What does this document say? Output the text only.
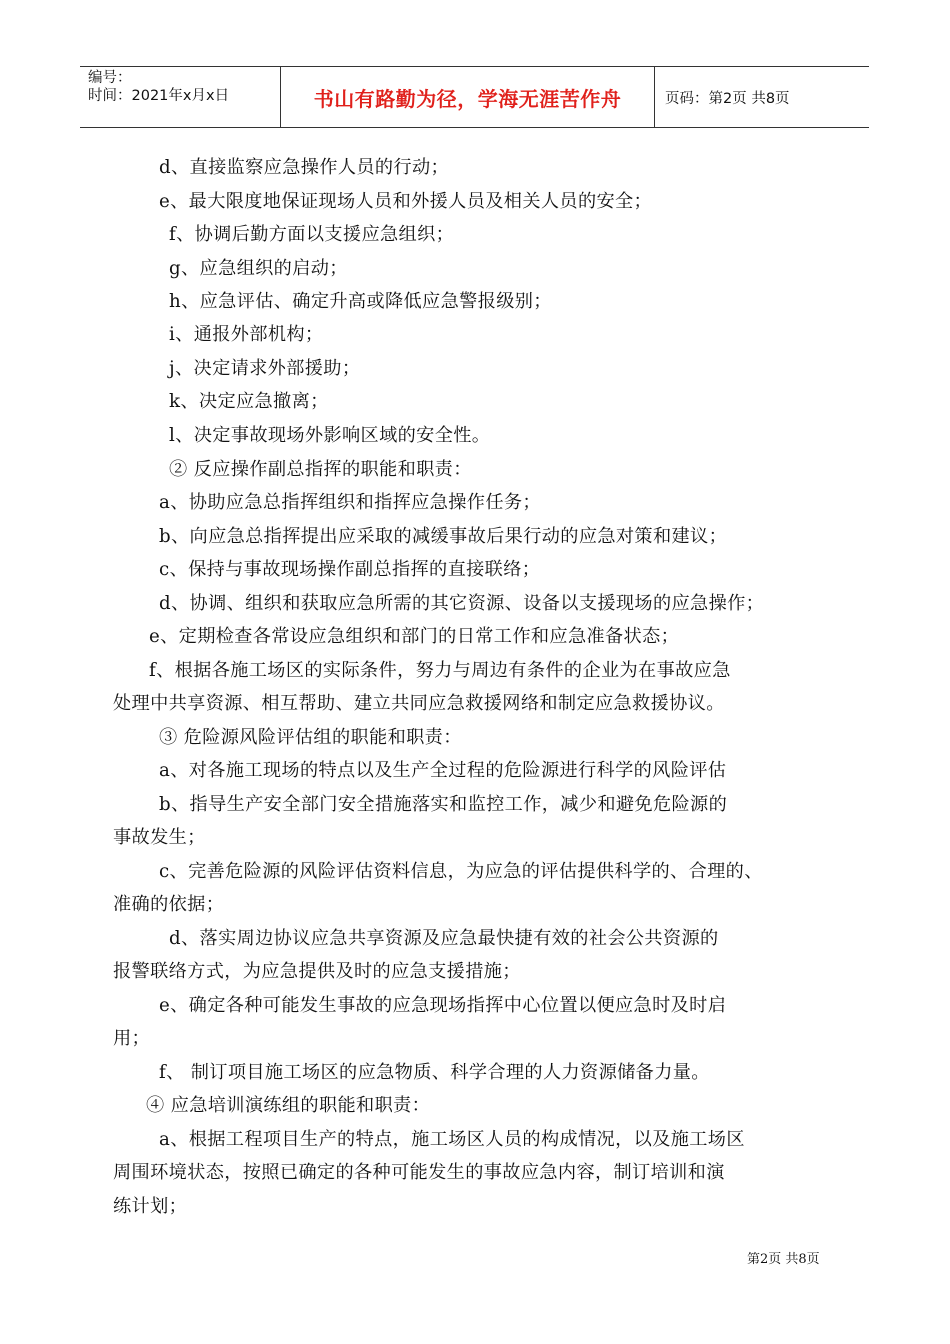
编号：
时间：2021年x月x日	书山有路勤为径，学海无涯苦作舟	页码：第2页 共8页
d、直接监察应急操作人员的行动；
e、最大限度地保证现场人员和外援人员及相关人员的安全；
f、协调后勤方面以支援应急组织；
g、应急组织的启动；
h、应急评估、确定升高或降低应急警报级别；
i、通报外部机构；
j、决定请求外部援助；
k、决定应急撤离；
l、决定事故现场外影响区域的安全性。
② 反应操作副总指挥的职能和职责：
a、协助应急总指挥组织和指挥应急操作任务；
b、向应急总指挥提出应采取的减缓事故后果行动的应急对策和建议；
c、保持与事故现场操作副总指挥的直接联络；
d、协调、组织和获取应急所需的其它资源、设备以支援现场的应急操作；
e、定期检查各常设应急组织和部门的日常工作和应急准备状态；
f、根据各施工场区的实际条件，努力与周边有条件的企业为在事故应急
处理中共享资源、相互帮助、建立共同应急救援网络和制定应急救援协议。
③ 危险源风险评估组的职能和职责：
a、对各施工现场的特点以及生产全过程的危险源进行科学的风险评估
b、指导生产安全部门安全措施落实和监控工作，减少和避免危险源的
事故发生；
c、完善危险源的风险评估资料信息，为应急的评估提供科学的、合理的、
准确的依据；
d、落实周边协议应急共享资源及应急最快捷有效的社会公共资源的
报警联络方式，为应急提供及时的应急支援措施；
e、确定各种可能发生事故的应急现场指挥中心位置以便应急时及时启
用；
f、 制订项目施工场区的应急物质、科学合理的人力资源储备力量。
④ 应急培训演练组的职能和职责：
a、根据工程项目生产的特点，施工场区人员的构成情况，以及施工场区
周围环境状态，按照已确定的各种可能发生的事故应急内容，制订培训和演
练计划；
第2页 共8页
